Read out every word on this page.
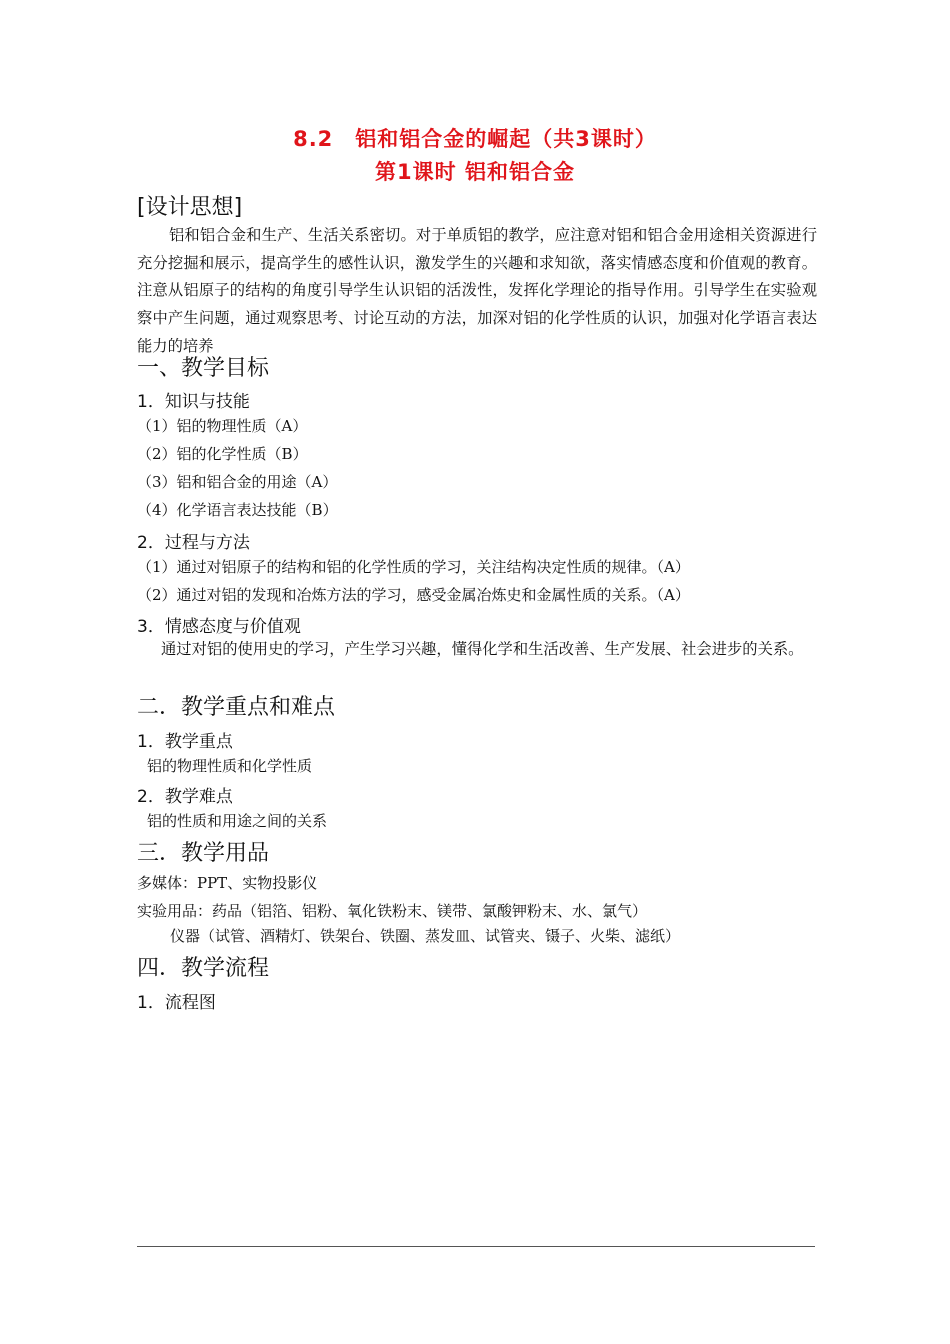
8.2　铝和铝合金的崛起（共3课时）
第1课时 铝和铝合金
[设计思想]
铝和铝合金和生产、生活关系密切。对于单质铝的教学，应注意对铝和铝合金用途相关资源进行充分挖掘和展示，提高学生的感性认识，激发学生的兴趣和求知欲，落实情感态度和价值观的教育。注意从铝原子的结构的角度引导学生认识铝的活泼性，发挥化学理论的指导作用。引导学生在实验观察中产生问题，通过观察思考、讨论互动的方法，加深对铝的化学性质的认识，加强对化学语言表达能力的培养
一、教学目标
1．知识与技能
（1）铝的物理性质（A）
（2）铝的化学性质（B）
（3）铝和铝合金的用途（A）
（4）化学语言表达技能（B）
2．过程与方法
（1）通过对铝原子的结构和铝的化学性质的学习，关注结构决定性质的规律。（A）
（2）通过对铝的发现和冶炼方法的学习，感受金属冶炼史和金属性质的关系。（A）
3．情感态度与价值观
通过对铝的使用史的学习，产生学习兴趣，懂得化学和生活改善、生产发展、社会进步的关系。
二．教学重点和难点
1．教学重点
铝的物理性质和化学性质
2．教学难点
铝的性质和用途之间的关系
三．教学用品
多媒体：PPT、实物投影仪
实验用品：药品（铝箔、铝粉、氧化铁粉末、镁带、氯酸钾粉末、水、氯气）
仪器（试管、酒精灯、铁架台、铁圈、蒸发皿、试管夹、镊子、火柴、滤纸）
四．教学流程
1．流程图
